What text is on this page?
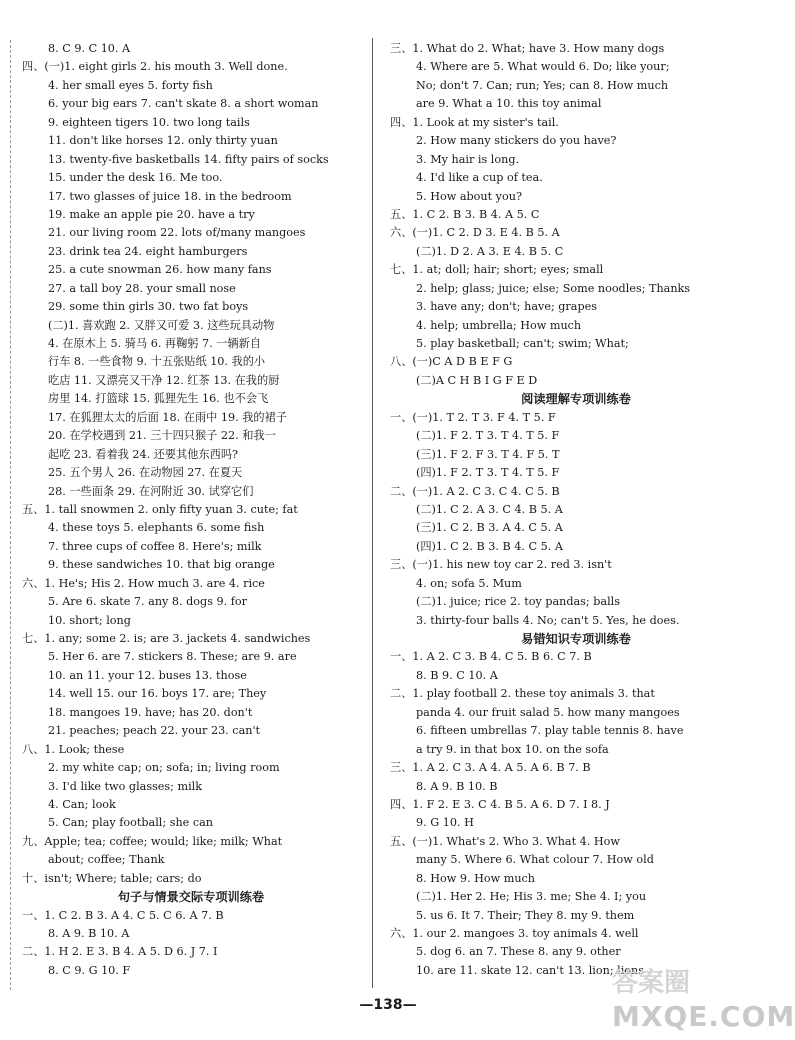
8. C 9. C 10. A
四、(一)1. eight girls 2. his mouth 3. Well done.
4. her small eyes 5. forty fish
6. your big ears 7. can't skate 8. a short woman
9. eighteen tigers 10. two long tails
11. don't like horses 12. only thirty yuan
13. twenty-five basketballs 14. fifty pairs of socks
15. under the desk 16. Me too.
17. two glasses of juice 18. in the bedroom
19. make an apple pie 20. have a try
21. our living room 22. lots of/many mangoes
23. drink tea 24. eight hamburgers
25. a cute snowman 26. how many fans
27. a tall boy 28. your small nose
29. some thin girls 30. two fat boys
(二)1. 喜欢跑 2. 又胖又可爱 3. 这些玩具动物
4. 在原木上 5. 骑马 6. 再鞠躬 7. 一辆新自
行车 8. 一些食物 9. 十五张贴纸 10. 我的小
吃店 11. 又漂亮又干净 12. 红茶 13. 在我的厨
房里 14. 打篮球 15. 狐狸先生 16. 也不会飞
17. 在狐狸太太的后面 18. 在雨中 19. 我的裙子
20. 在学校遇到 21. 三十四只猴子 22. 和我一
起吃 23. 看着我 24. 还要其他东西吗?
25. 五个男人 26. 在动物园 27. 在夏天
28. 一些面条 29. 在河附近 30. 试穿它们
五、1. tall snowmen 2. only fifty yuan 3. cute; fat
4. these toys 5. elephants 6. some fish
7. three cups of coffee 8. Here's; milk
9. these sandwiches 10. that big orange
六、1. He's; His 2. How much 3. are 4. rice
5. Are 6. skate 7. any 8. dogs 9. for
10. short; long
七、1. any; some 2. is; are 3. jackets 4. sandwiches
5. Her 6. are 7. stickers 8. These; are 9. are
10. an 11. your 12. buses 13. those
14. well 15. our 16. boys 17. are; They
18. mangoes 19. have; has 20. don't
21. peaches; peach 22. your 23. can't
八、1. Look; these
2. my white cap; on; sofa; in; living room
3. I'd like two glasses; milk
4. Can; look
5. Can; play football; she can
九、Apple; tea; coffee; would; like; milk; What
about; coffee; Thank
十、isn't; Where; table; cars; do
句子与情景交际专项训练卷
一、1. C 2. B 3. A 4. C 5. C 6. A 7. B
8. A 9. B 10. A
二、1. H 2. E 3. B 4. A 5. D 6. J 7. I
8. C 9. G 10. F
三、1. What do 2. What; have 3. How many dogs
4. Where are 5. What would 6. Do; like your;
No; don't 7. Can; run; Yes; can 8. How much
are 9. What a 10. this toy animal
四、1. Look at my sister's tail.
2. How many stickers do you have?
3. My hair is long.
4. I'd like a cup of tea.
5. How about you?
五、1. C 2. B 3. B 4. A 5. C
六、(一)1. C 2. D 3. E 4. B 5. A
(二)1. D 2. A 3. E 4. B 5. C
七、1. at; doll; hair; short; eyes; small
2. help; glass; juice; else; Some noodles; Thanks
3. have any; don't; have; grapes
4. help; umbrella; How much
5. play basketball; can't; swim; What;
八、(一)C A D B E F G
(二)A C H B I G F E D
阅读理解专项训练卷
一、(一)1. T 2. T 3. F 4. T 5. F
(二)1. F 2. T 3. T 4. T 5. F
(三)1. F 2. F 3. T 4. F 5. T
(四)1. F 2. T 3. T 4. T 5. F
二、(一)1. A 2. C 3. C 4. C 5. B
(二)1. C 2. A 3. C 4. B 5. A
(三)1. C 2. B 3. A 4. C 5. A
(四)1. C 2. B 3. B 4. C 5. A
三、(一)1. his new toy car 2. red 3. isn't
4. on; sofa 5. Mum
(二)1. juice; rice 2. toy pandas; balls
3. thirty-four balls 4. No; can't 5. Yes, he does.
易错知识专项训练卷
一、1. A 2. C 3. B 4. C 5. B 6. C 7. B
8. B 9. C 10. A
二、1. play football 2. these toy animals 3. that
panda 4. our fruit salad 5. how many mangoes
6. fifteen umbrellas 7. play table tennis 8. have
a try 9. in that box 10. on the sofa
三、1. A 2. C 3. A 4. A 5. A 6. B 7. B
8. A 9. B 10. B
四、1. F 2. E 3. C 4. B 5. A 6. D 7. I 8. J
9. G 10. H
五、(一)1. What's 2. Who 3. What 4. How
many 5. Where 6. What colour 7. How old
8. How 9. How much
(二)1. Her 2. He; His 3. me; She 4. I; you
5. us 6. It 7. Their; They 8. my 9. them
六、1. our 2. mangoes 3. toy animals 4. well
5. dog 6. an 7. These 8. any 9. other
10. are 11. skate 12. can't 13. lion; lions
—138—
答案圈
MXQE.COM
